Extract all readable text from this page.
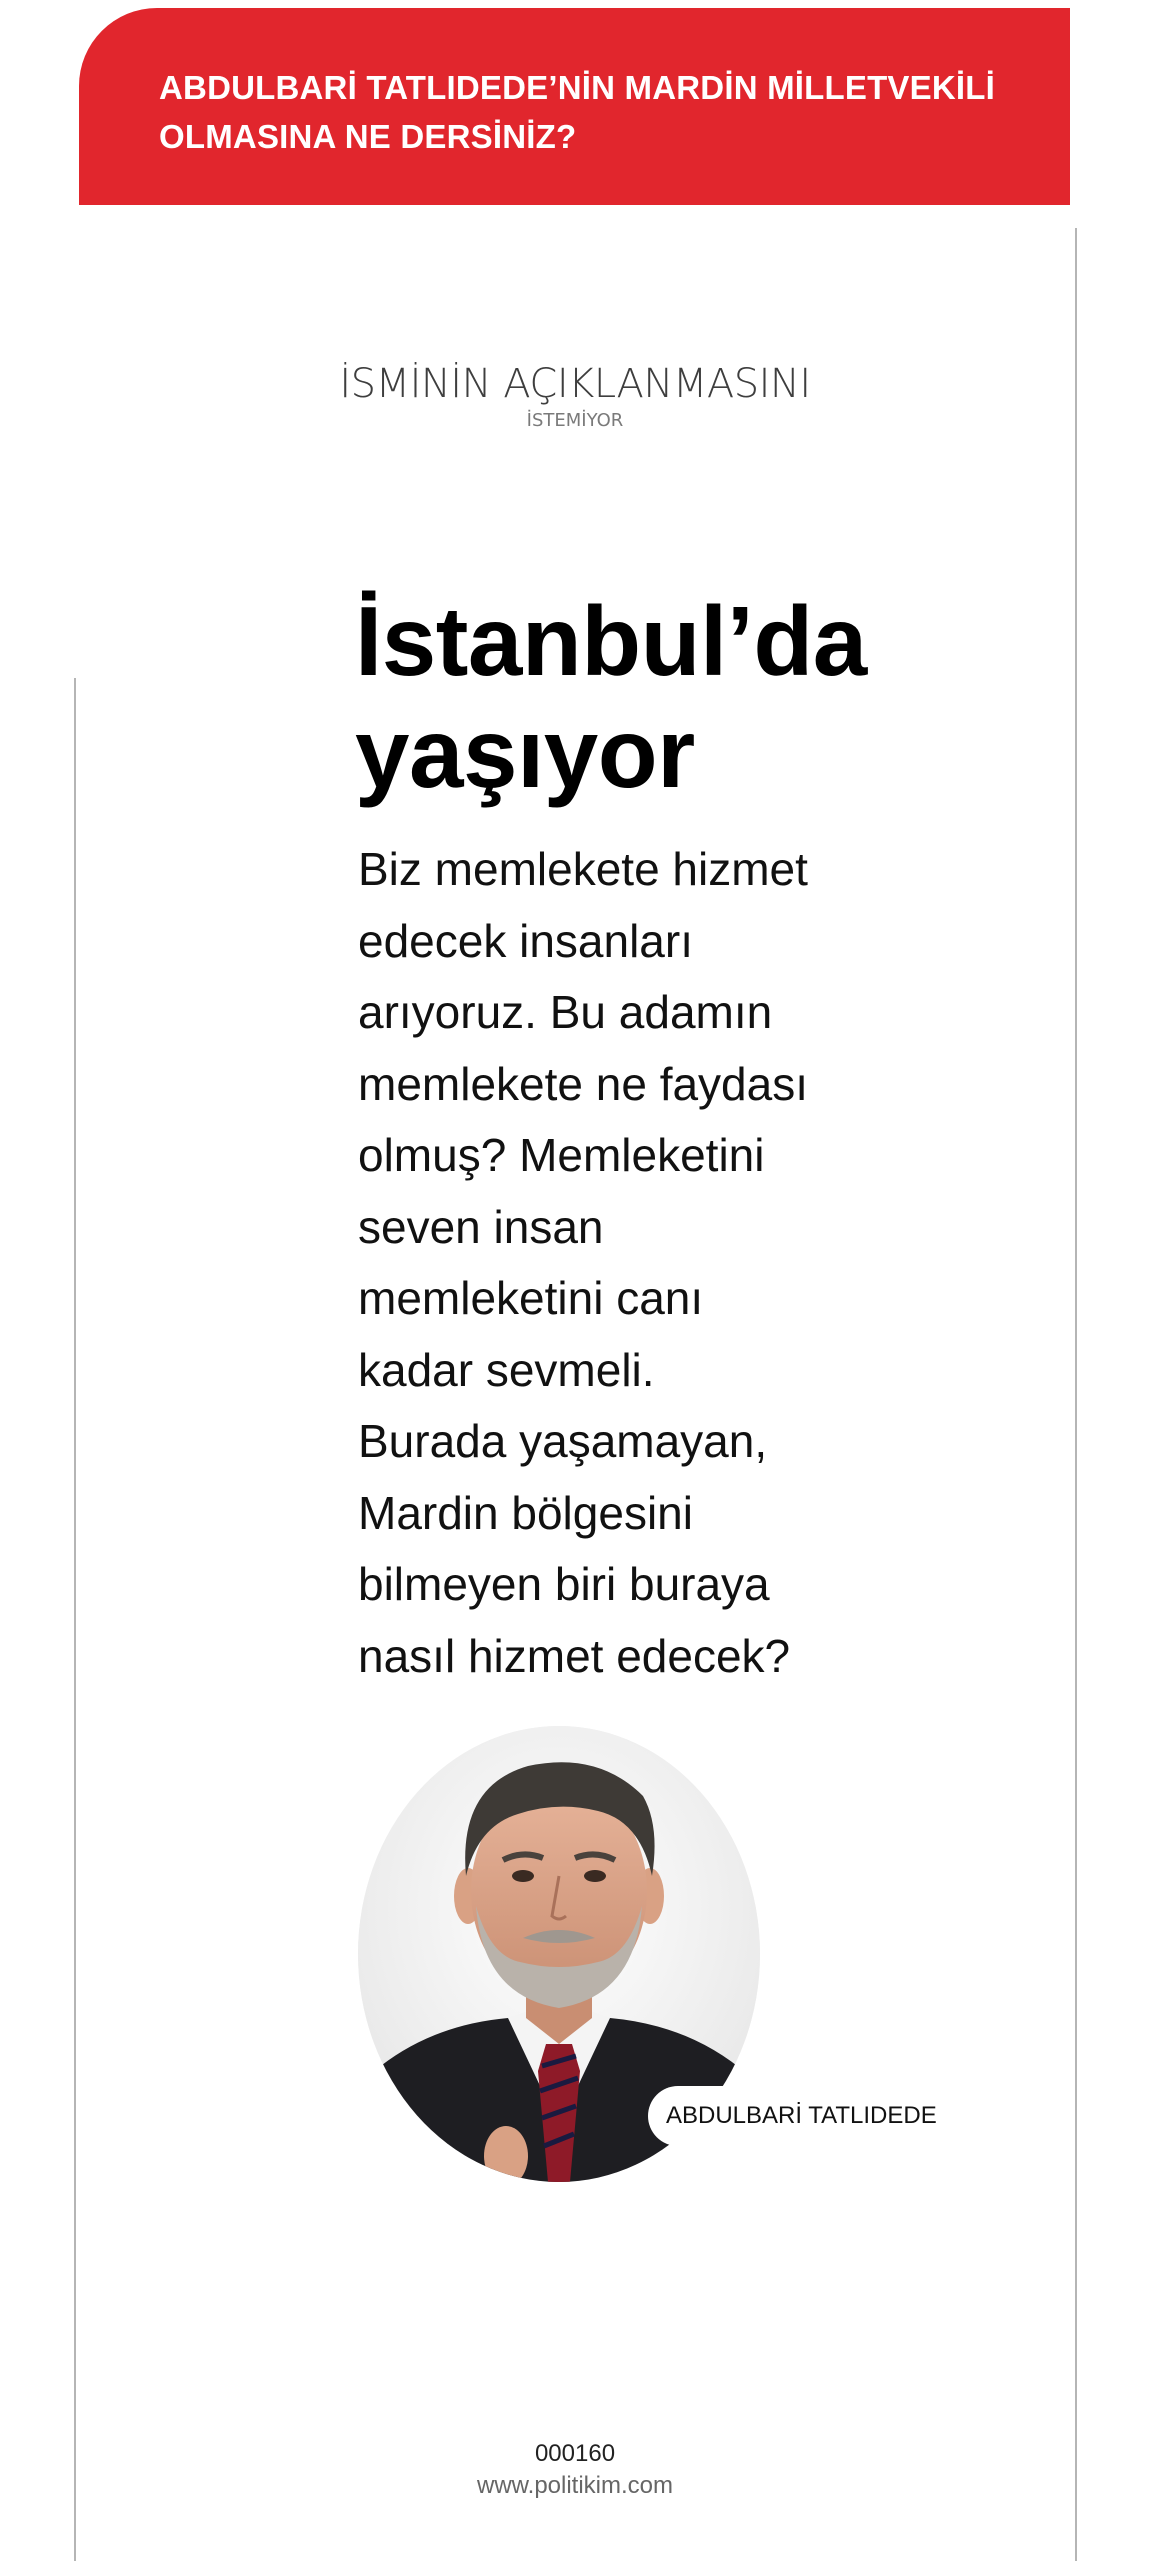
ABDULBARİ TATLIDEDE’NİN MARDİN MİLLETVEKİLİ OLMASINA NE DERSİNİZ?
İSMİNİN AÇIKLANMASINI
İSTEMİYOR
İstanbul’da
yaşıyor

Biz memlekete hizmet edecek insanları arıyoruz. Bu adamın memlekete ne faydası olmuş? Memleketini seven insan memleketini canı kadar sevmeli. Burada yaşamayan, Mardin bölgesini bilmeyen biri buraya nasıl hizmet edecek?

ABDULBARİ TATLIDEDE
000160
www.politikim.com
